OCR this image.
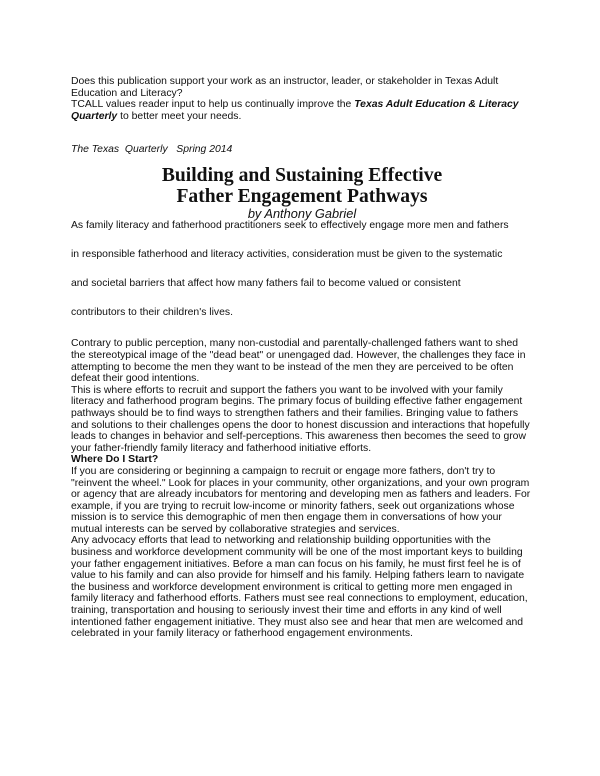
Does this publication support your work as an instructor, leader, or stakeholder in Texas Adult Education and Literacy?

TCALL values reader input to help us continually improve the Texas Adult Education & Literacy Quarterly to better meet your needs.

The Texas  Quarterly   Spring 2014

Building and Sustaining Effective
Father Engagement Pathways

by Anthony Gabriel

As family literacy and fatherhood practitioners seek to effectively engage more men and fathers

in responsible fatherhood and literacy activities, consideration must be given to the systematic

and societal barriers that affect how many fathers fail to become valued or consistent

contributors to their children's lives.

Contrary to public perception, many non-custodial and parentally-challenged fathers want to shed the stereotypical image of the "dead beat" or unengaged dad. However, the challenges they face in attempting to become the men they want to be instead of the men they are perceived to be often defeat their good intentions.

This is where efforts to recruit and support the fathers you want to be involved with your family literacy and fatherhood program begins. The primary focus of building effective father engagement pathways should be to find ways to strengthen fathers and their families. Bringing value to fathers and solutions to their challenges opens the door to honest discussion and interactions that hopefully leads to changes in behavior and self-perceptions. This awareness then becomes the seed to grow your father-friendly family literacy and fatherhood initiative efforts.

Where Do I Start?

If you are considering or beginning a campaign to recruit or engage more fathers, don't try to "reinvent the wheel." Look for places in your community, other organizations, and your own program or agency that are already incubators for mentoring and developing men as fathers and leaders. For example, if you are trying to recruit low-income or minority fathers, seek out organizations whose mission is to service this demographic of men then engage them in conversations of how your mutual interests can be served by collaborative strategies and services.

Any advocacy efforts that lead to networking and relationship building opportunities with the business and workforce development community will be one of the most important keys to building your father engagement initiatives. Before a man can focus on his family, he must first feel he is of value to his family and can also provide for himself and his family. Helping fathers learn to navigate the business and workforce development environment is critical to getting more men engaged in family literacy and fatherhood efforts. Fathers must see real connections to employment, education, training, transportation and housing to seriously invest their time and efforts in any kind of well intentioned father engagement initiative. They must also see and hear that men are welcomed and celebrated in your family literacy or fatherhood engagement environments.
